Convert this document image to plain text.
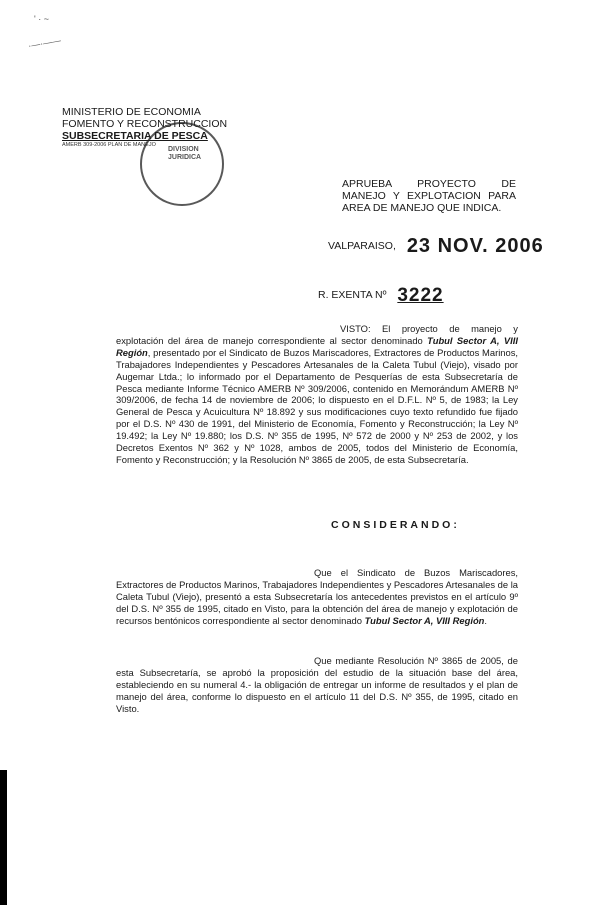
' · ~
·—·——
MINISTERIO DE ECONOMIA
FOMENTO Y RECONSTRUCCION
SUBSECRETARIA DE PESCA
AMERB 309-2006 PLAN DE MANEJO
DIVISION JURIDICA
APRUEBA PROYECTO DE MANEJO Y EXPLOTACION PARA AREA DE MANEJO QUE INDICA.
VALPARAISO, 23 NOV. 2006
R. EXENTA Nº 3222
VISTO: El proyecto de manejo y explotación del área de manejo correspondiente al sector denominado Tubul Sector A, VIII Región, presentado por el Sindicato de Buzos Mariscadores, Extractores de Productos Marinos, Trabajadores Independientes y Pescadores Artesanales de la Caleta Tubul (Viejo), visado por Augemar Ltda.; lo informado por el Departamento de Pesquerías de esta Subsecretaría de Pesca mediante Informe Técnico AMERB Nº 309/2006, contenido en Memorándum AMERB Nº 309/2006, de fecha 14 de noviembre de 2006; lo dispuesto en el D.F.L. Nº 5, de 1983; la Ley General de Pesca y Acuicultura Nº 18.892 y sus modificaciones cuyo texto refundido fue fijado por el D.S. Nº 430 de 1991, del Ministerio de Economía, Fomento y Reconstrucción; la Ley Nº 19.492; la Ley Nº 19.880; los D.S. Nº 355 de 1995, Nº 572 de 2000 y Nº 253 de 2002, y los Decretos Exentos Nº 362 y Nº 1028, ambos de 2005, todos del Ministerio de Economía, Fomento y Reconstrucción; y la Resolución Nº 3865 de 2005, de esta Subsecretaría.
CONSIDERANDO:
Que el Sindicato de Buzos Mariscadores, Extractores de Productos Marinos, Trabajadores Independientes y Pescadores Artesanales de la Caleta Tubul (Viejo), presentó a esta Subsecretaría los antecedentes previstos en el artículo 9º del D.S. Nº 355 de 1995, citado en Visto, para la obtención del área de manejo y explotación de recursos bentónicos correspondiente al sector denominado Tubul Sector A, VIII Región.
Que mediante Resolución Nº 3865 de 2005, de esta Subsecretaría, se aprobó la proposición del estudio de la situación base del área, estableciendo en su numeral 4.- la obligación de entregar un informe de resultados y el plan de manejo del área, conforme lo dispuesto en el artículo 11 del D.S. Nº 355, de 1995, citado en Visto.
